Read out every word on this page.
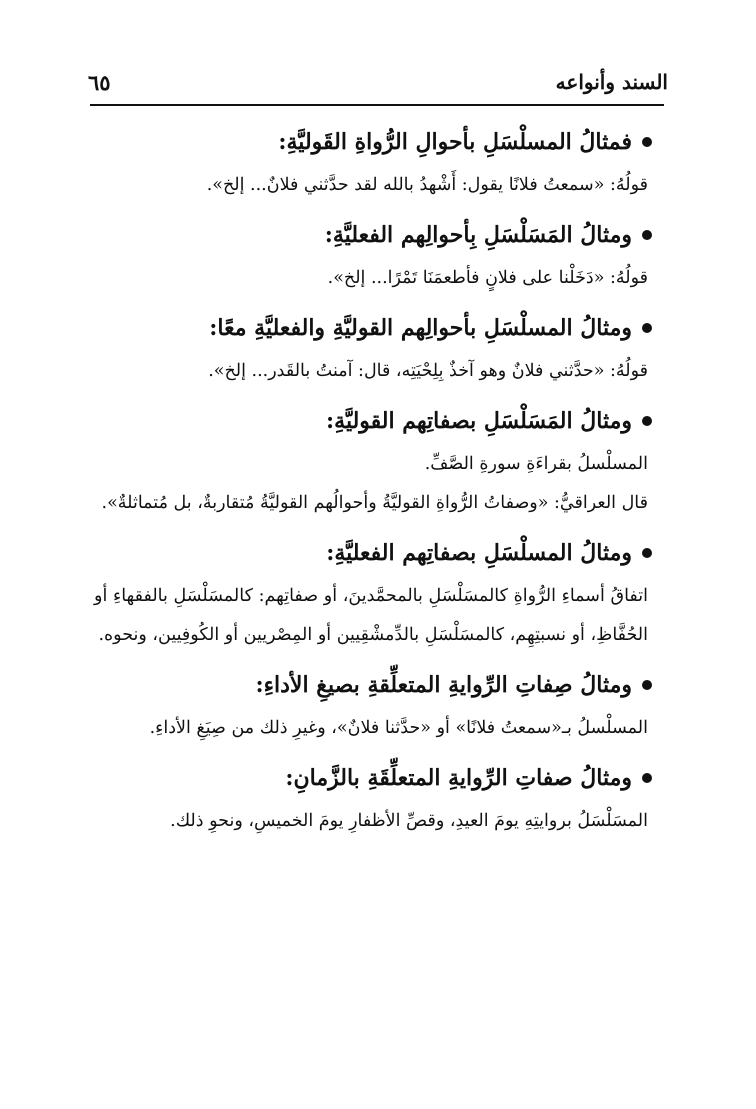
السند وأنواعه
٦٥
فمثالُ المسلْسَلِ بأحوالِ الرُّواةِ القَوليَّةِ:

قولُهُ: «سمعتُ فلانًا يقول: أَشْهدُ بالله لقد حدَّثني فلانٌ... إلخ».

ومثالُ المَسَلْسَلِ بِأحوالِهم الفعليَّةِ:

قولُهُ: «دَخَلْنا على فلانٍ فأطعمَنَا تَمْرًا... إلخ».

ومثالُ المسلْسَلِ بأحوالِهم القوليَّةِ والفعليَّةِ معًا:

قولُهُ: «حدَّثني فلانٌ وهو آخذٌ بِلِحْيَتِه، قال: آمنتُ بالقَدر... إلخ».

ومثالُ المَسَلْسَلِ بصفاتِهم القوليَّةِ:

المسلْسلُ بقراءَةِ سورةِ الصَّفِّ.

قال العراقيُّ: «وصفاتُ الرُّواةِ القوليَّةُ وأحوالُهم القوليَّةُ مُتقاربةٌ، بل مُتماثلةٌ».

ومثالُ المسلْسَلِ بصفاتِهم الفعليَّةِ:

اتفاقُ أسماءِ الرُّواةِ كالمسَلْسَلِ بالمحمَّدينَ، أو صفاتِهم: كالمسَلْسَلِ بالفقهاءِ أو الحُفَّاظِ، أو نسبتِهِم، كالمسَلْسَلِ بالدِّمشْقِيين أو المِصْريين أو الكُوفِيين، ونحوه.

ومثالُ صِفاتِ الرِّوايةِ المتعلِّقةِ بصيغِ الأداءِ:

المسلْسلُ بـ«سمعتُ فلانًا» أو «حدَّثنا فلانٌ»، وغيرِ ذلك من صِيَغِ الأداءِ.

ومثالُ صفاتِ الرِّوايةِ المتعلِّقَةِ بالزَّمانِ:

المسَلْسَلُ بروايتِهِ يومَ العيدِ، وقصِّ الأظفارِ يومَ الخميسِ، ونحوِ ذلك.
